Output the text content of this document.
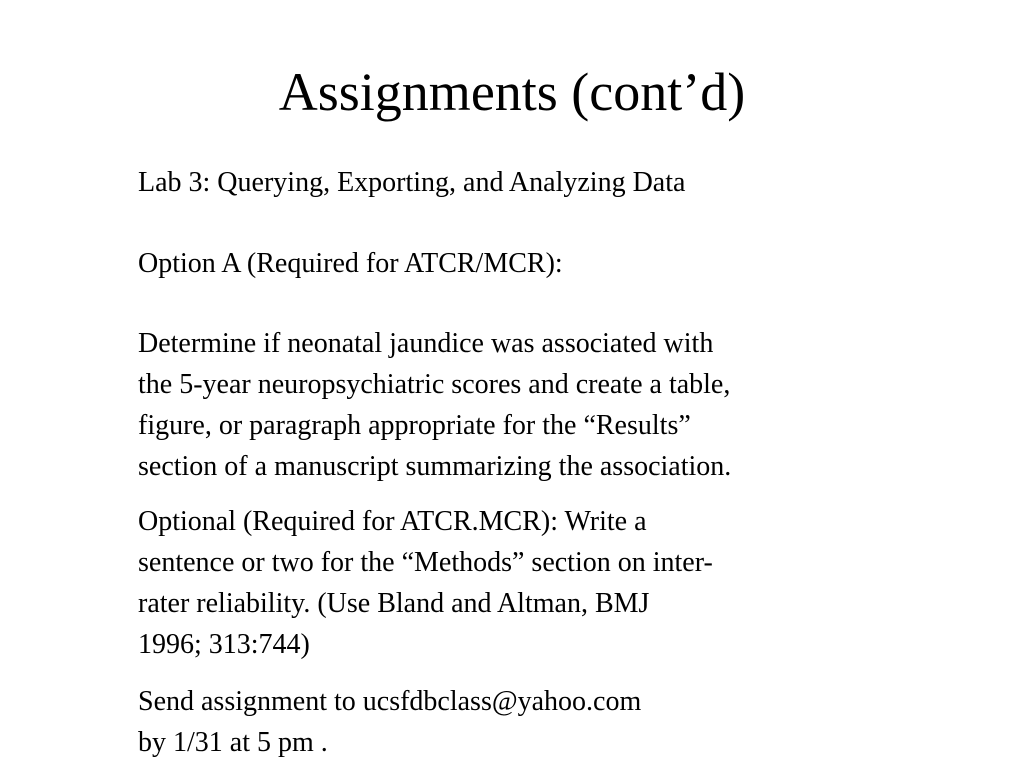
Assignments (cont’d)

Lab 3: Querying, Exporting, and Analyzing Data

Option A (Required for ATCR/MCR):

Determine if neonatal jaundice was associated with
the 5-year neuropsychiatric scores and create a table,
figure, or paragraph appropriate for the “Results”
section of a manuscript summarizing the association.

Optional (Required for ATCR.MCR): Write a
sentence or two for the “Methods” section on inter-
rater reliability. (Use Bland and Altman, BMJ
1996; 313:744)

Send assignment to ucsfdbclass@yahoo.com
by 1/31 at 5 pm .
